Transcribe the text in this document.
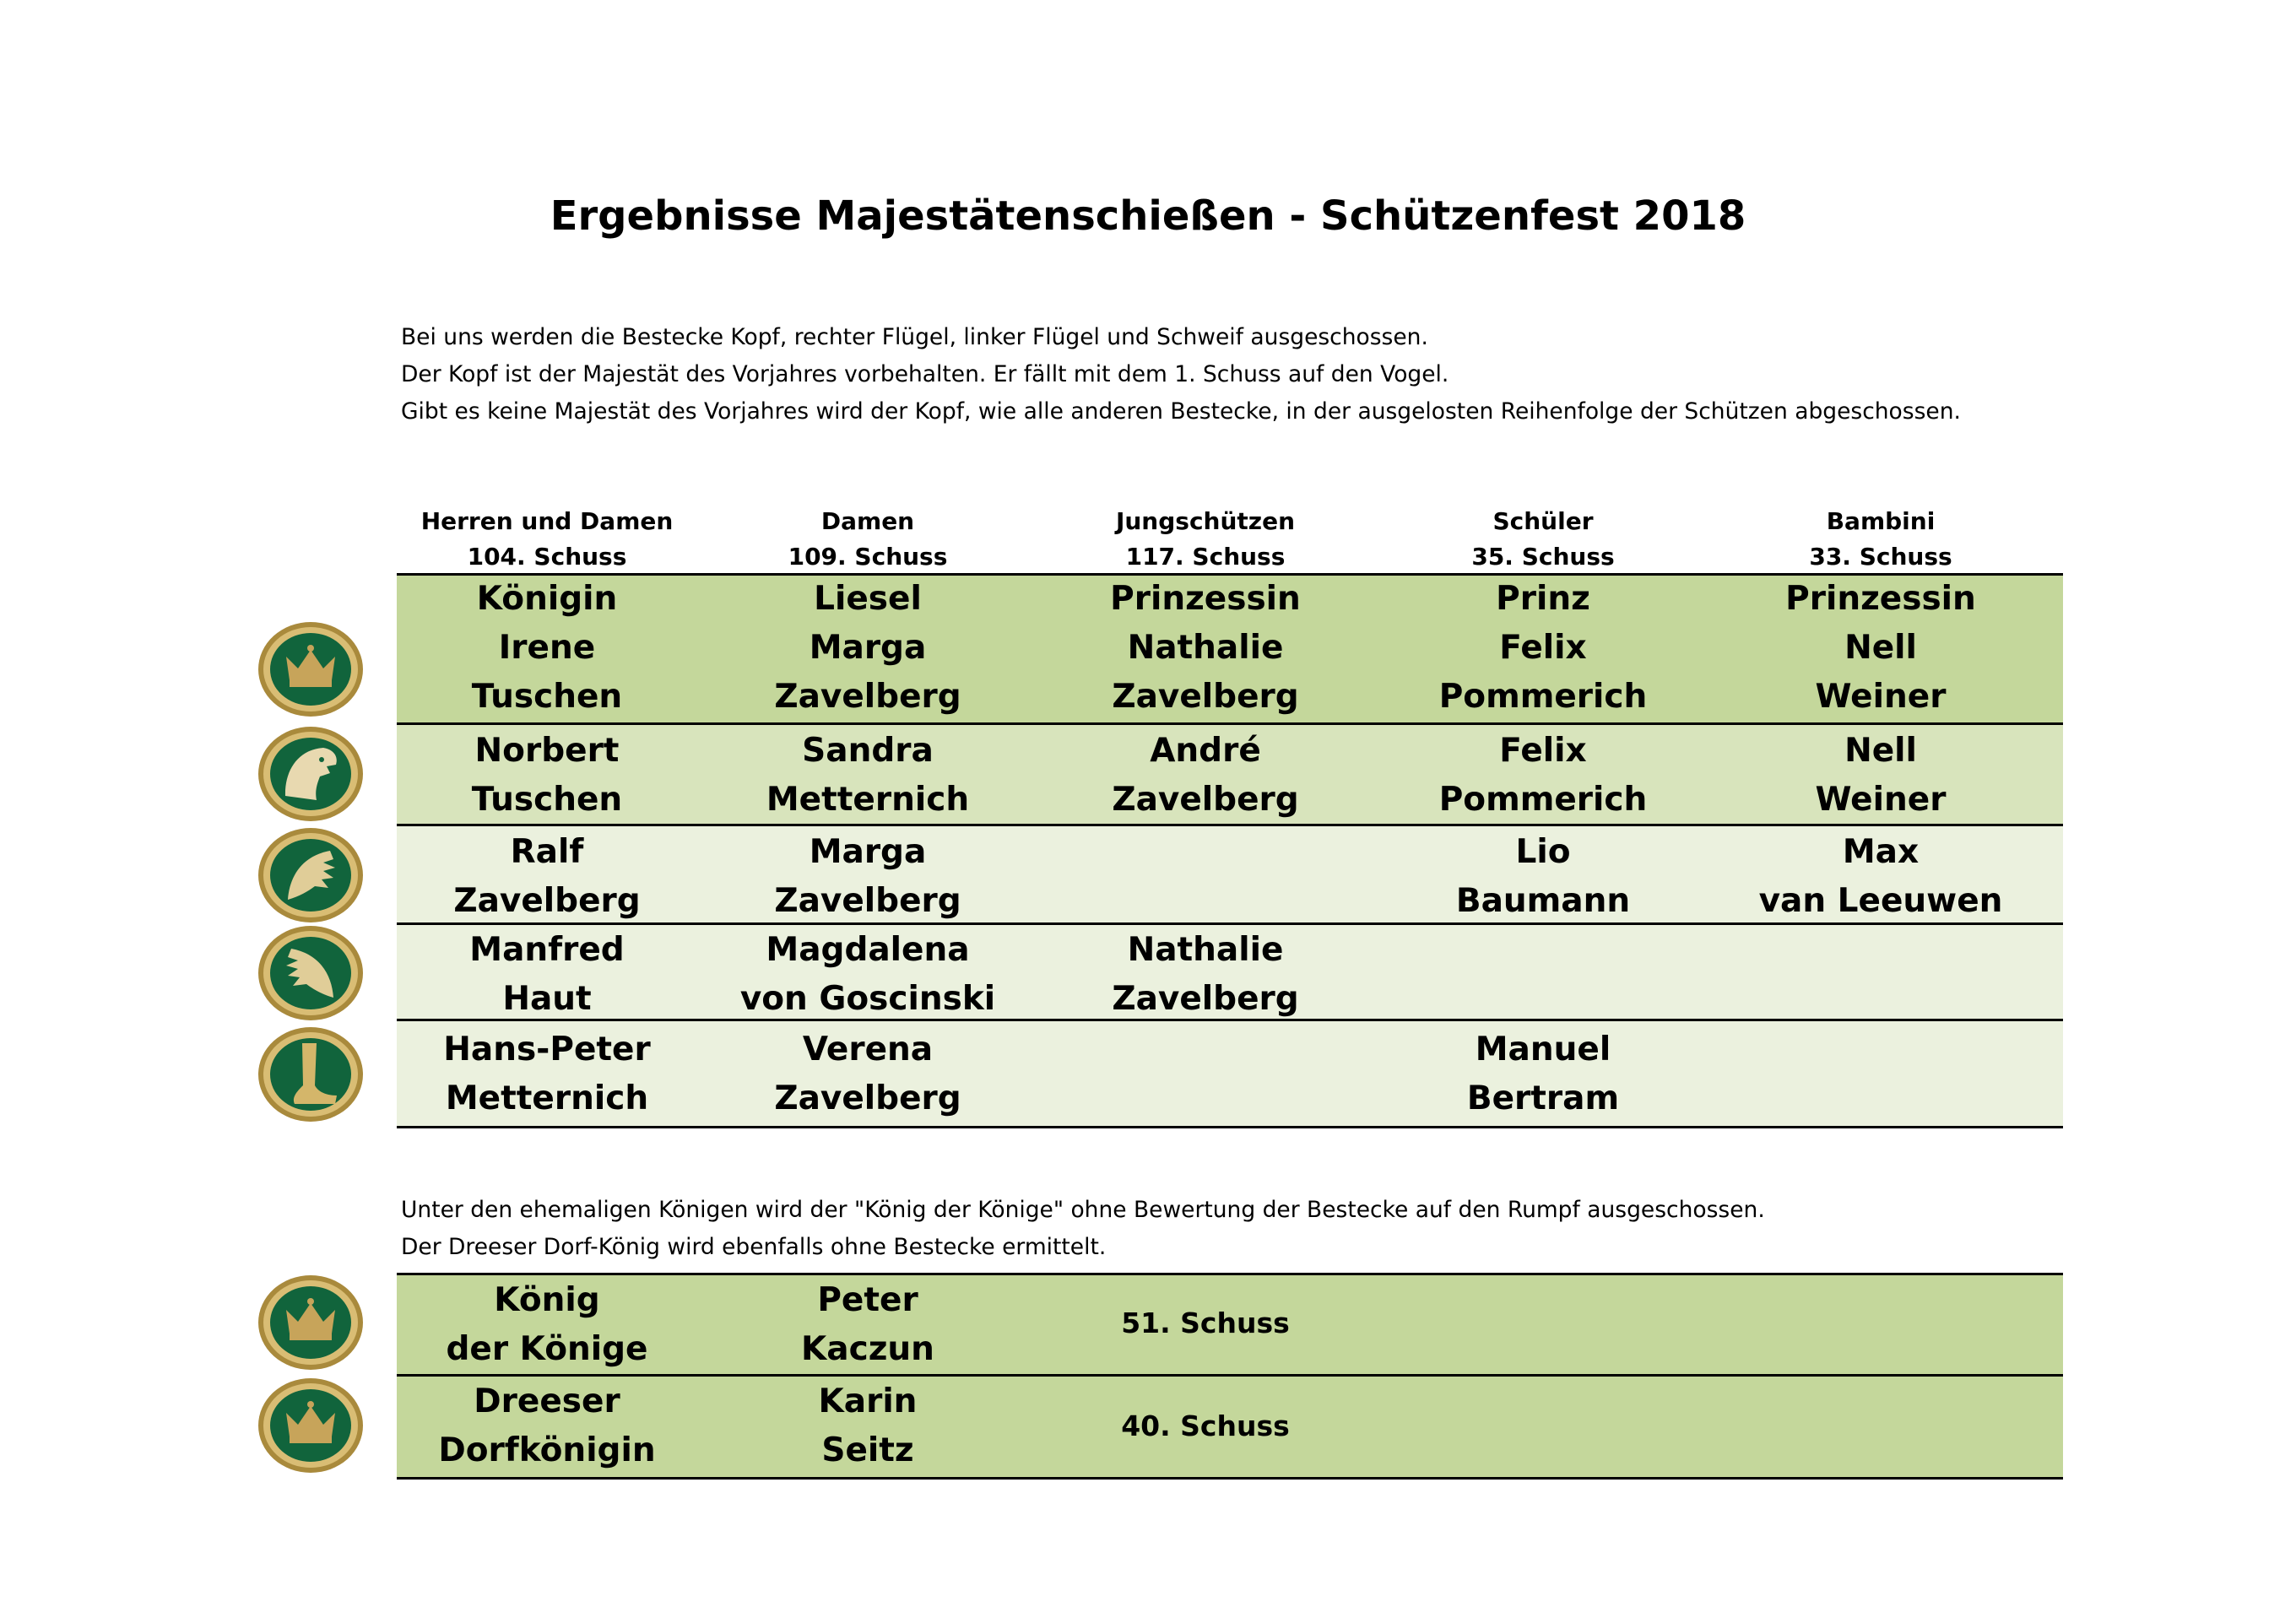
Ergebnisse Majestätenschießen - Schützenfest 2018
Bei uns werden die Bestecke Kopf, rechter Flügel, linker Flügel und Schweif ausgeschossen.
Der Kopf ist der Majestät des Vorjahres vorbehalten. Er fällt mit dem 1. Schuss auf den Vogel.
Gibt es keine Majestät des Vorjahres wird der Kopf, wie alle anderen Bestecke, in der ausgelosten Reihenfolge der Schützen abgeschossen.
Herren und Damen
104. Schuss
Damen
109. Schuss
Jungschützen
117. Schuss
Schüler
35. Schuss
Bambini
33. Schuss
Königin
Irene
Tuschen
Liesel
Marga
Zavelberg
Prinzessin
Nathalie
Zavelberg
Prinz
Felix
Pommerich
Prinzessin
Nell
Weiner
Norbert
Tuschen
Sandra
Metternich
André
Zavelberg
Felix
Pommerich
Nell
Weiner
Ralf
Zavelberg
Marga
Zavelberg
Lio
Baumann
Max
van Leeuwen
Manfred
Haut
Magdalena
von Goscinski
Nathalie
Zavelberg
Hans-Peter
Metternich
Verena
Zavelberg
Manuel
Bertram
Unter den ehemaligen Königen wird der "König der Könige" ohne Bewertung der Bestecke auf den Rumpf ausgeschossen.
Der Dreeser Dorf-König wird ebenfalls ohne Bestecke ermittelt.
König
der Könige
Peter
Kaczun
51. Schuss
Dreeser
Dorfkönigin
Karin
Seitz
40. Schuss
